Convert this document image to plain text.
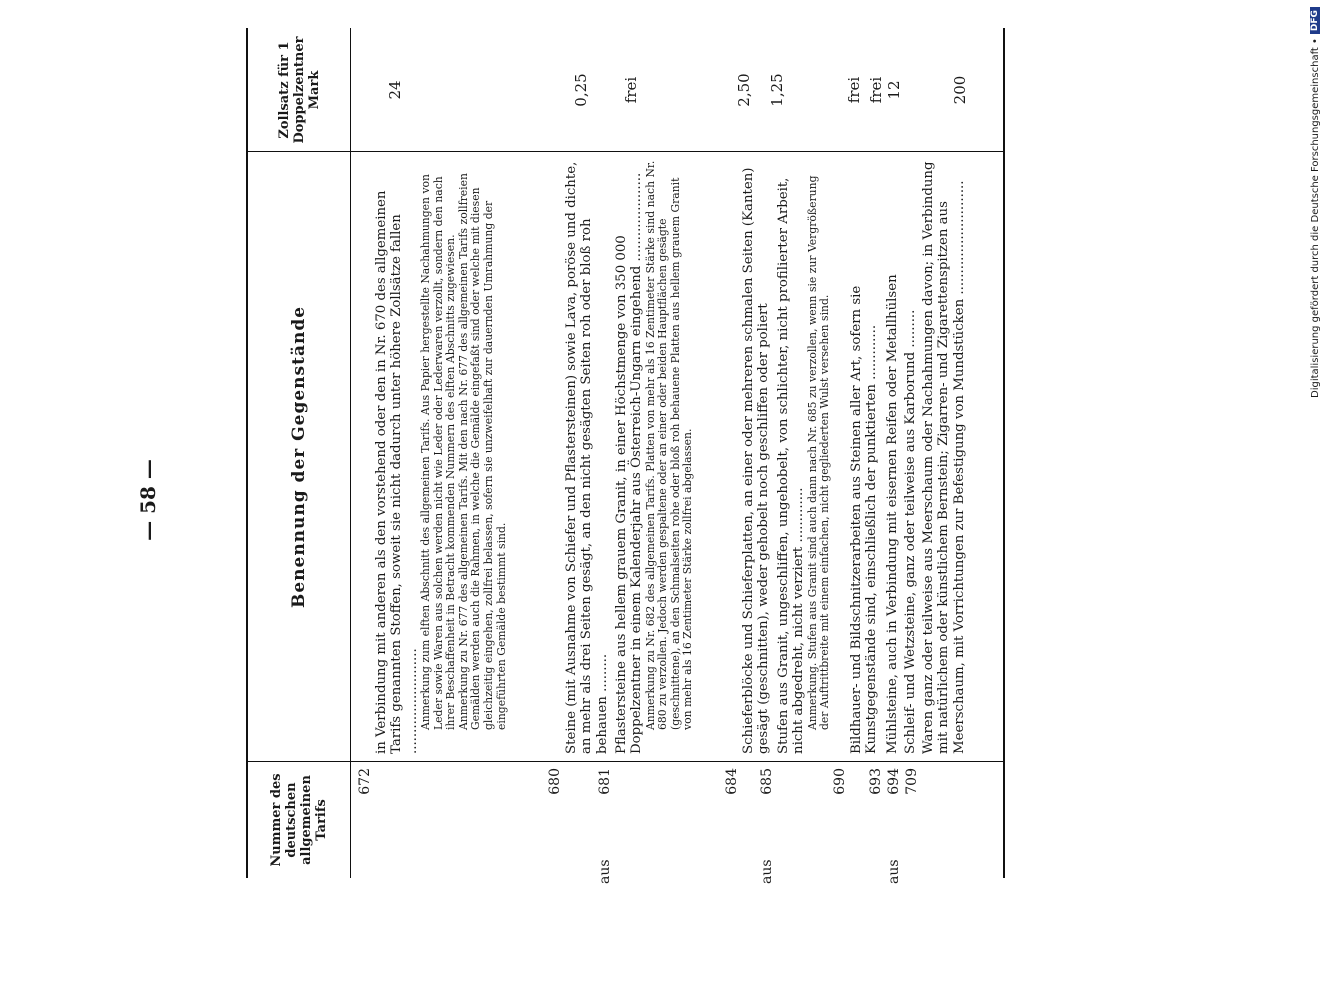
— 58 —
Nummer des deutschen allgemeinen Tarifs
Benennung der Gegenstände
Zollsatz für 1 Doppelzentner Mark
672

in Verbindung mit anderen als den vorstehend oder den in Nr. 670 des allgemeinen Tarifs genannten Stoffen, soweit sie nicht dadurch unter höhere Zollsätze fallen ......................... Anmerkung zum elften Abschnitt des allgemeinen Tarifs. Aus Papier hergestellte Nachahmungen von Leder sowie Waren aus solchen werden nicht wie Leder oder Lederwaren verzollt, sondern den nach ihrer Beschaffenheit in Betracht kommenden Nummern des elften Abschnitts zugewiesen.
Anmerkung zu Nr. 677 des allgemeinen Tarifs. Mit den nach Nr. 677 des allgemeinen Tarifs zollfreien Gemälden werden auch die Rahmen, in welche die Gemälde eingefaßt sind oder welche mit diesen gleichzeitig eingehen, zollfrei belassen, sofern sie unzweifelhaft zur dauernden Umrahmung der eingeführten Gemälde bestimmt sind.

24
680

Steine (mit Ausnahme von Schiefer und Pflastersteinen) sowie Lava, poröse und dichte, an mehr als drei Seiten gesägt, an den nicht gesägten Seiten roh oder bloß roh behauen .........

0,25
aus
681

Pflastersteine aus hellem grauem Granit, in einer Höchstmenge von 350 000 Doppelzentner in einem Kalenderjahr aus Österreich-Ungarn eingehend ..................... Anmerkung zu Nr. 682 des allgemeinen Tarifs. Platten von mehr als 16 Zentimeter Stärke sind nach Nr. 680 zu verzollen. Jedoch werden gespaltene oder an einer oder beiden Hauptflächen gesägte (geschnittene), an den Schmalseiten rohe oder bloß roh behauene Platten aus hellem grauem Granit von mehr als 16 Zentimeter Stärke zollfrei abgelassen.

frei
684

Schieferblöcke und Schieferplatten, an einer oder mehreren schmalen Seiten (Kanten) gesägt (geschnitten), weder gehobelt noch geschliffen oder poliert

2,50
aus
685

Stufen aus Granit, ungeschliffen, ungehobelt, von schlichter, nicht profilierter Arbeit, nicht abgedreht, nicht verziert ............. Anmerkung. Stufen aus Granit sind auch dann nach Nr. 685 zu verzollen, wenn sie zur Vergrößerung der Auftrittbreite mit einem einfachen, nicht gegliederten Wulst versehen sind.

1,25
690

Bildhauer- und Bildschnitzerarbeiten aus Steinen aller Art, sofern sie Kunstgegenstände sind, einschließlich der punktierten .............

frei
693

Mühlsteine, auch in Verbindung mit eisernen Reifen oder Metallhülsen

frei
aus
694

Schleif- und Wetzsteine, ganz oder teilweise aus Karborund .........

12
709

Waren ganz oder teilweise aus Meerschaum oder Nachahmungen davon; in Verbindung mit natürlichem oder künstlichem Bernstein; Zigarren- und Zigarettenspitzen aus Meerschaum, mit Vorrichtungen zur Befestigung von Mundstücken ...........................

200	Digitalisierung gefördert durch die Deutsche Forschungsgemeinschaft •
DFG
